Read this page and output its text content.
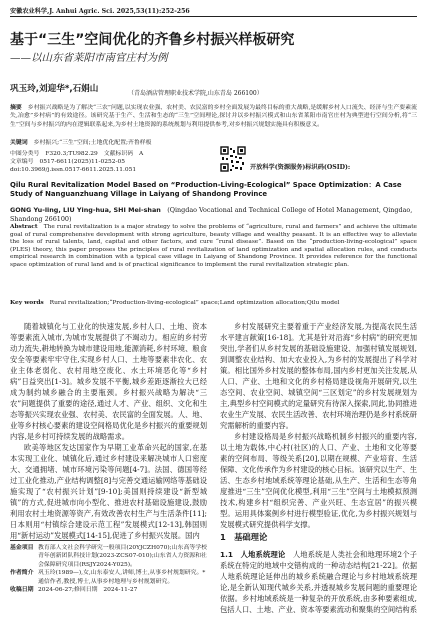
安徽农业科学,J. Anhui Agric. Sci. 2025,53(11):252-256
基于“三生”空间优化的齐鲁乡村振兴样板研究
——以山东省莱阳市南官庄村为例
巩玉玲,刘迎华*,石娟山	（青岛酒店管理职业技术学院,山东青岛 266100）
摘要　 乡村振兴战略是为了解决“三农”问题,以实现农业强、农村美、农民富的乡村全面发展为最终目标的重大战略,是缓解乡村人口流失、经济与生产要素流失,冶愈”乡村病”的有效途径。该研究基于生产、生活和生态的“三生”空间理论,探讨并以乡村振兴模式和山东省莱阳市南官庄村为典型进行空间分析,将“三生”空间与乡村振兴的内在逻辑联系起来,为乡村土地资源的系统规划与利用提供参考,对乡村振兴规划实施具有积极意义。
关键词　 乡村振兴;“三生”空间;土地优化配置;齐鲁样板
中图分类号　F320.3;TU982.29　 文献标识码　A
文章编号　0517-6611(2025)11-0252-05
doi:10.3969/j.issn.0517-6611.2025.11.051	开放科学(资源服务)标识码(OSID):
Qilu Rural Revitalization Model Based on “Production-Living-Ecological” Space Optimization：A Case Study of Nanguanzhuang Village in Laiyang of Shandong Province
GONG Yu-ling, LIU Ying-hua, SHI Mei-shan　 (Qingdao Vocational and Technical College of Hotel Management, Qingdao, Shandong 266100)
Abstract　 The rural revitalization is a major strategy to solve the problems of “agriculture, rural and farmers” and achieve the ultimate goal of rural comprehensive development with strong agriculture, beauty village and wealthy peasant. It is an effective way to alleviate the loss of rural talents, land, capital and other factors, and cure “rural disease”. Based on the “production-living-ecological” space (PLES) theory, this paper proposes the principles of rural revitalization of land optimization and spatial allocation rules, and conducts empirical research in combination with a typical case village in Laiyang of Shandong Province. It provides reference for the functional space optimization of rural land and is of practical significance to implement the rural revitalization strategic plan.
Key words　 Rural revitalization;“Production-living-ecological” space;Land optimization allocation;Qilu model

随着城镇化与工业化的快速发展,乡村人口、土地、资本等要素流入城市,为城市发展提供了不竭动力。相应的乡村劳动力流失,耕地转换为城市建设用地,能源消耗,乡村环境、粮食安全等要素牢牢守住,实现乡村人口、土地等要素非农化、农业主体老弱化、农村用地空废化、水土环境恶化等“乡村病”日益突出[1-3]。城乡发展不平衡,城乡差距逐渐拉大已经成为制约城乡融合的主要瓶颈。乡村振兴战略为解决“三农”问题提供了重要的途径,通过人才、产业、组织、文化和生态等振兴实现农业强、农村美、农民富的全面发展。人、地、业等乡村核心要素的建设空间格局优化是乡村振兴的重要规划内容,是乡村可持续发展的战略需求。

欧美等地区发达国家作为早期工业革命兴起的国家,在基本实现工业化、城镇化后,通过乡村建设来解决城市人口密度大、交通拥堵、城市环境污染等问题[4-7]。法国、德国等经过工业化推动,产业结构调整[8]与完善交通运输网络等基础设施实现了“农村振兴计划”[9-10];美国则持续建设“新型城镇”的方式,促进城市向小型化、推进农村基础设施建设,鼓励利用农村土地资源等资产,有效改善农村生产与生活条件[11];日本则用“村镇综合建设示范工程”发展模式[12-13],韩国则用“新村运动”发展模式[14-15],促进了乡村振兴发展。国内

乡村发展研究主要着重于产业经济发展,为提高农民生活水平建言献策[16-18]。尤其是针对沿海“乡村病”的研究更加突出,学者们从乡村发展的基础设施建设、加强村镇发展规划,到调整农业结构、加大农业投入,为乡村的发展提出了科学对策。相比国外乡村发展的整体布局,国内乡村更加关注发展,从人口、产业、土地和文化的乡村格局建设视角开展研究,以生态空间、农业空间、城镇空间“三区划定”的乡村发展规划为主,典型乡村空间模式的定量研究有待深入探索,同此,协同推进农业生产发展、农民生活改善、农村环境治理仍是乡村系统研究需解析的重要内容。

乡村建设格局是乡村振兴战略机制乡村振兴的重要内容,以土地为载体,中心村(社区)的人口、产业、土地和文化等要素的空间布局、等级关系[20],以期在规模、产业培育、生活保障、文化传承作为乡村建设的核心目标。该研究以生产、生活、生态乡村地域系统等理论基础,从生产、生活和生态等角度推进“三生”空间优化模型,利用“三生”空间与土地模拟预测技术,构建乡村“组织完善、产业兴旺、生态宜居”的振兴模型。运用具体案例乡村进行模型验证,优化,为乡村振兴规划与发展模式研究提供科学支撑。

基金项目 教育部人文社会科学研究一般项目(20YJCZH070);山东高等学校青年创新团队科技计划(2023-ZCS07-010);山东省人力资源和社会保障研究项目(RSJY2024-Y025)。
作者简介 巩玉玲(1989—),女,山东泰安人,讲师,博士,从事乡村规划研究。*通信作者,教授,博士,从事乡村地理与乡村规划研究。
收稿日期 2024-06-27;修回日期　2024-11-27
1　基础理论
1.1　人地系统理论　 人地系统是人类社会和地理环境2个子系统在特定的地域中交错构成的一种动态结构[21-22]。依据人地系统理论延伸出的城乡系统融合理论与乡村地域系统理论,是全新认知现代城乡关系,并透视城乡发展问题的重要理论依据。乡村地域系统是一种复杂的开放系统,由多种要素组成,包括人口、土地、产业、资本等要素流动和聚集的空间结构系
